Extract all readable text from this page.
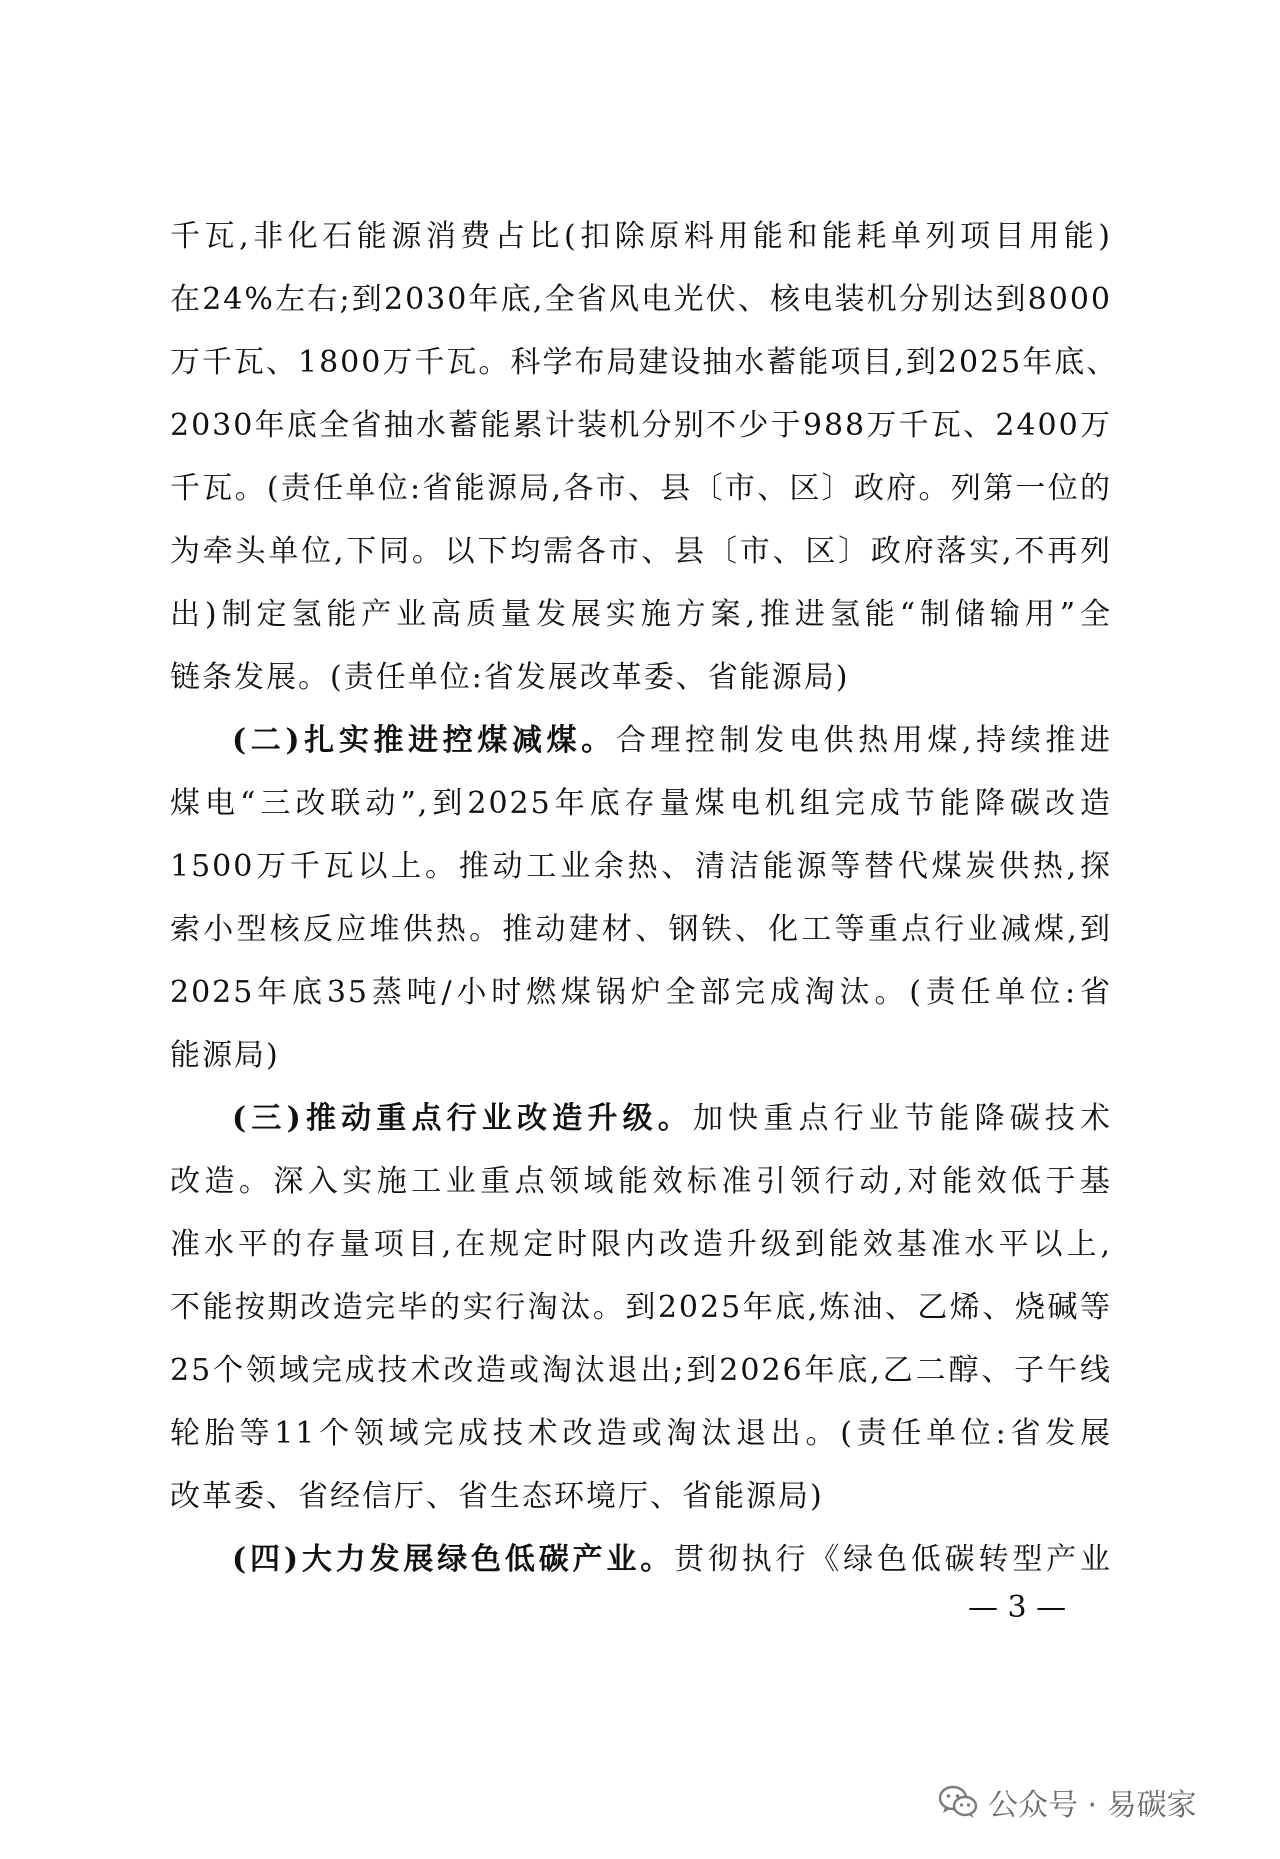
千瓦,非化石能源消费占比(扣除原料用能和能耗单列项目用能)
在24%左右;到2030年底,全省风电光伏、核电装机分别达到8000
万千瓦、1800万千瓦。科学布局建设抽水蓄能项目,到2025年底、
2030年底全省抽水蓄能累计装机分别不少于988万千瓦、2400万
千瓦。(责任单位:省能源局,各市、县〔市、区〕政府。列第一位的
为牵头单位,下同。以下均需各市、县〔市、区〕政府落实,不再列
出)制定氢能产业高质量发展实施方案,推进氢能“制储输用”全
链条发展。(责任单位:省发展改革委、省能源局)
(二)扎实推进控煤减煤。合理控制发电供热用煤,持续推进
煤电“三改联动”,到2025年底存量煤电机组完成节能降碳改造
1500万千瓦以上。推动工业余热、清洁能源等替代煤炭供热,探
索小型核反应堆供热。推动建材、钢铁、化工等重点行业减煤,到
2025年底35蒸吨/小时燃煤锅炉全部完成淘汰。(责任单位:省
能源局)
(三)推动重点行业改造升级。加快重点行业节能降碳技术
改造。深入实施工业重点领域能效标准引领行动,对能效低于基
准水平的存量项目,在规定时限内改造升级到能效基准水平以上,
不能按期改造完毕的实行淘汰。到2025年底,炼油、乙烯、烧碱等
25个领域完成技术改造或淘汰退出;到2026年底,乙二醇、子午线
轮胎等11个领域完成技术改造或淘汰退出。(责任单位:省发展
改革委、省经信厅、省生态环境厅、省能源局)
(四)大力发展绿色低碳产业。贯彻执行《绿色低碳转型产业
— 3 —
公众号 · 易碳家
